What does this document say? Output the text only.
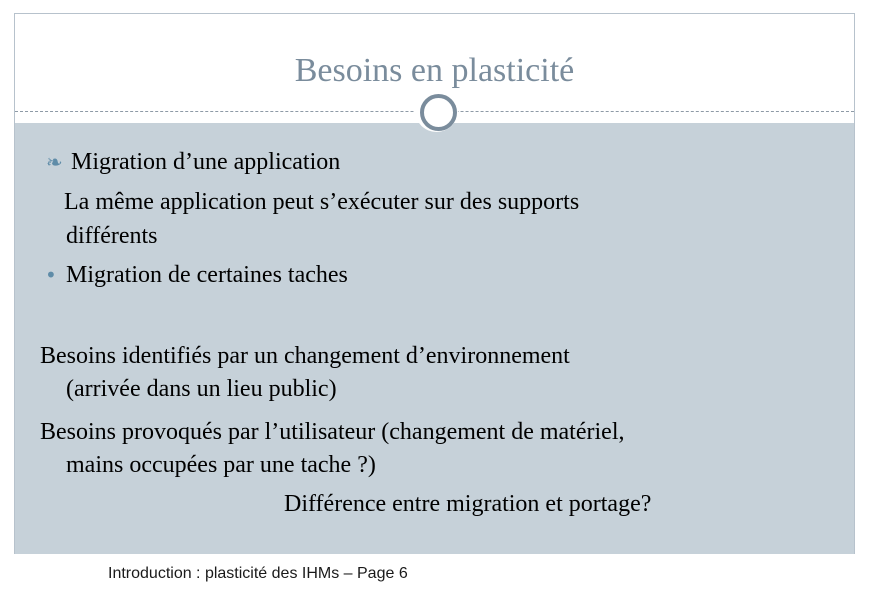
Besoins en plasticité
❧ Migration d’une application
La même application peut s’exécuter sur des supports
différents
• Migration de certaines taches
Besoins identifiés par un changement d’environnement
(arrivée dans un lieu public)
Besoins provoqués par l’utilisateur (changement de matériel,
mains occupées par une tache ?)
Différence entre migration et portage?
Introduction : plasticité des IHMs – Page 6
